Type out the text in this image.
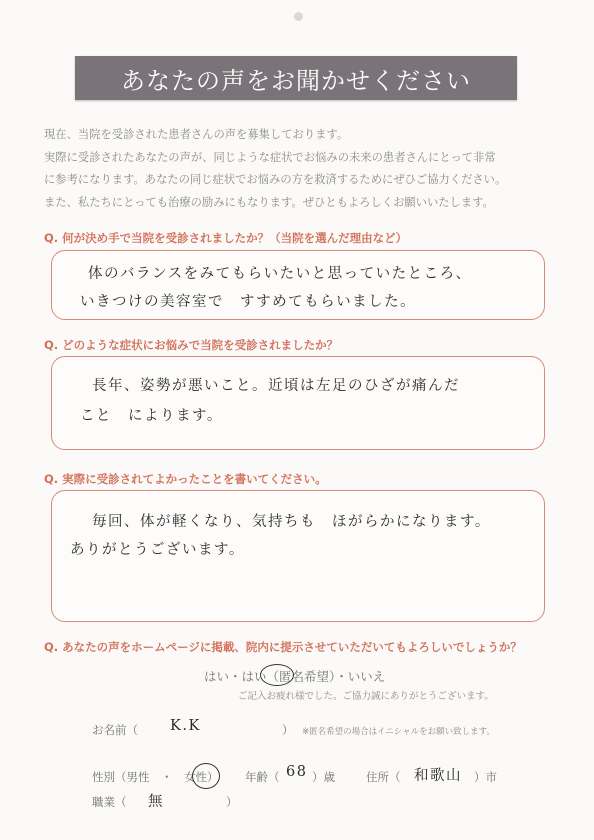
あなたの声をお聞かせください
現在、当院を受診された患者さんの声を募集しております。
実際に受診されたあなたの声が、同じような症状でお悩みの未来の患者さんにとって非常
に参考になります。あなたの同じ症状でお悩みの方を救済するためにぜひご協力ください。
また、私たちにとっても治療の励みにもなります。ぜひともよろしくお願いいたします。
Q. 何が決め手で当院を受診されましたか？（当院を選んだ理由など）
体のバランスをみてもらいたいと思っていたところ、
いきつけの美容室で　すすめてもらいました。
Q. どのような症状にお悩みで当院を受診されましたか？
長年、姿勢が悪いこと。近頃は左足のひざが痛んだ
こと　によります。
Q. 実際に受診されてよかったことを書いてください。
毎回、体が軽くなり、気持ちも　ほがらかになります。
ありがとうございます。
Q. あなたの声をホームページに掲載、院内に提示させていただいてもよろしいでしょうか？
はい・はい（匿名希望）・いいえ
ご記入お疲れ様でした。ご協力誠にありがとうございます。
お名前（ K.K	） ※匿名希望の場合はイニシャルをお願い致します。
性別（男性　・　女性） 年齢（ 68 ）歳	住所（ 和歌山 ）市
職業（ 無	）
